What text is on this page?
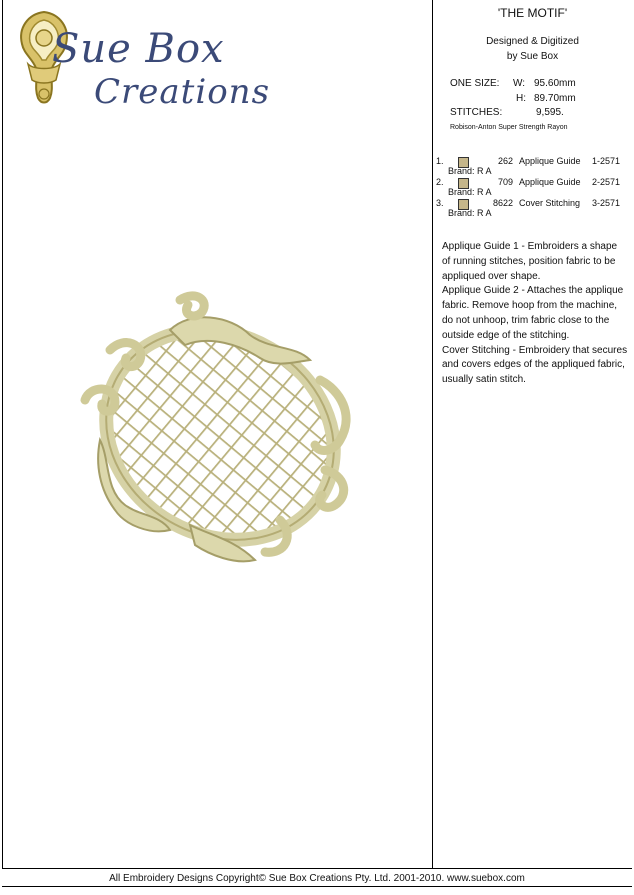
Sue Box
Creations
'THE MOTIF'
Designed & Digitized
by Sue Box
ONE SIZE: W: 95.60mm
H: 89.70mm
STITCHES:	9,595.
Robison-Anton Super Strength Rayon
1.	262 Applique Guide 1-2571
Brand: R A
2.	709 Applique Guide 2-2571
Brand: R A
3.	8622 Cover Stitching 3-2571
Brand: R A

Applique Guide 1 - Embroiders a shape of running stitches, position fabric to be appliqued over shape.

Applique Guide 2 - Attaches the applique fabric. Remove hoop from the machine, do not unhoop, trim fabric close to the outside edge of the stitching.

Cover Stitching - Embroidery that secures and covers edges of the appliqued fabric, usually satin stitch.

All Embroidery Designs Copyright© Sue Box Creations Pty. Ltd. 2001-2010. www.suebox.com
